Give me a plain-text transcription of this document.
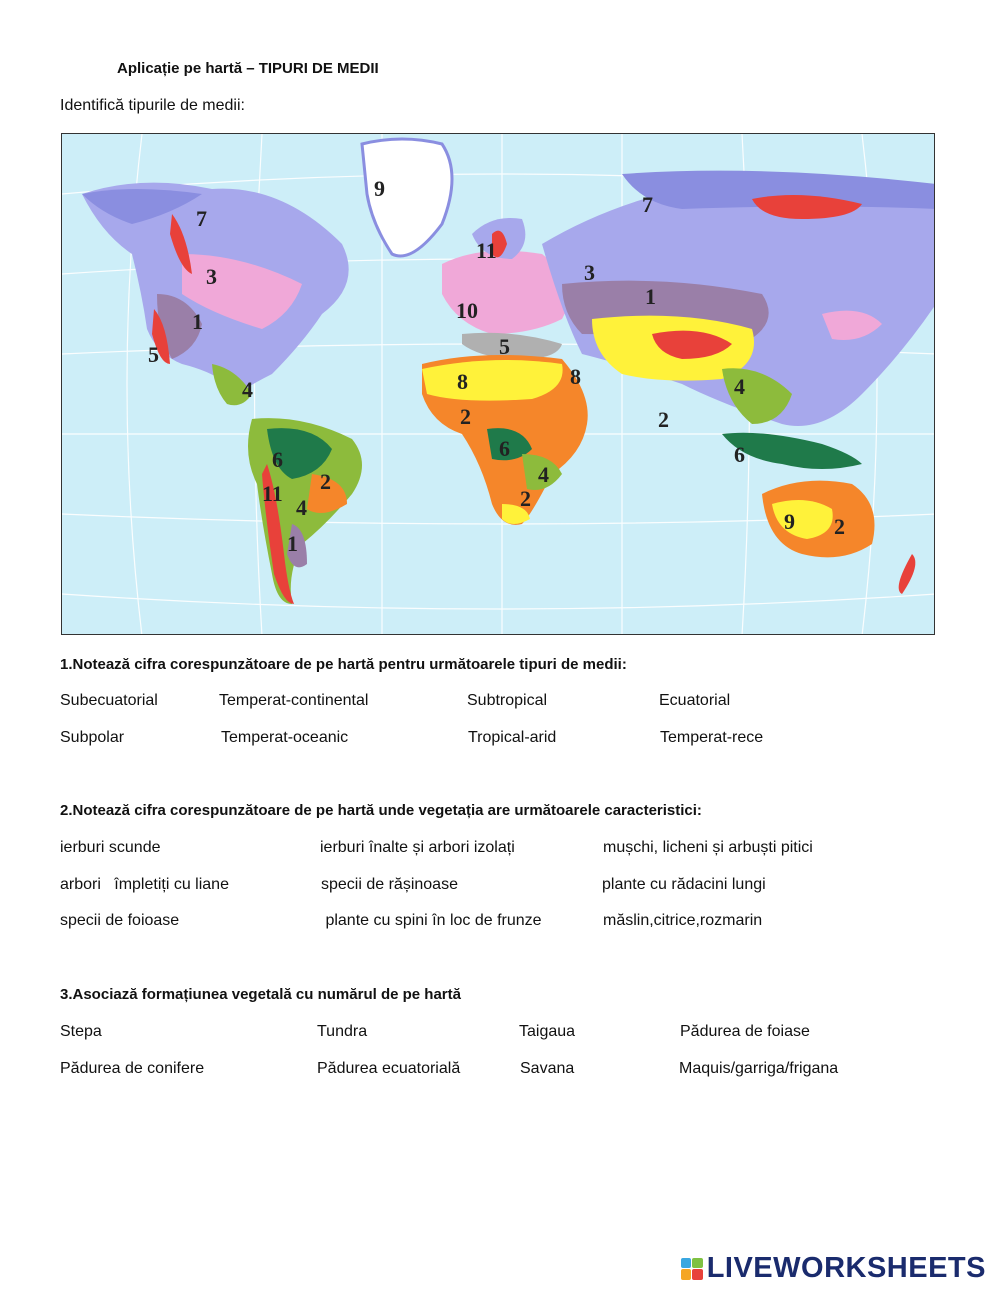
Aplicație pe hartă – TIPURI DE MEDII
Identifică tipurile de medii:
9
7
3
1
5
4
6
11 2
4
1
11
10
5
8	8
2
6
4
2
7
3
1
4
2
6
9 2
1.Notează cifra corespunzătoare de pe hartă pentru următoarele tipuri de medii:
Subecuatorial	Temperat-continental	Subtropical	Ecuatorial
Subpolar	Temperat-oceanic	Tropical-arid	Temperat-rece
2.Notează cifra corespunzătoare de pe hartă unde vegetația are următoarele caracteristici:
ierburi scunde	ierburi înalte și arbori izolați	mușchi, licheni și arbuști pitici
arbori   împletiți cu liane	specii de rășinoase	plante cu rădacini lungi
specii de foioase	plante cu spini în loc de frunze	măslin,citrice,rozmarin
3.Asociază formațiunea vegetală cu numărul de pe hartă
Stepa	Tundra	Taigaua	Pădurea de foiase
Pădurea de conifere	Pădurea ecuatorială	Savana	Maquis/garriga/frigana
LIVEWORKSHEETS
